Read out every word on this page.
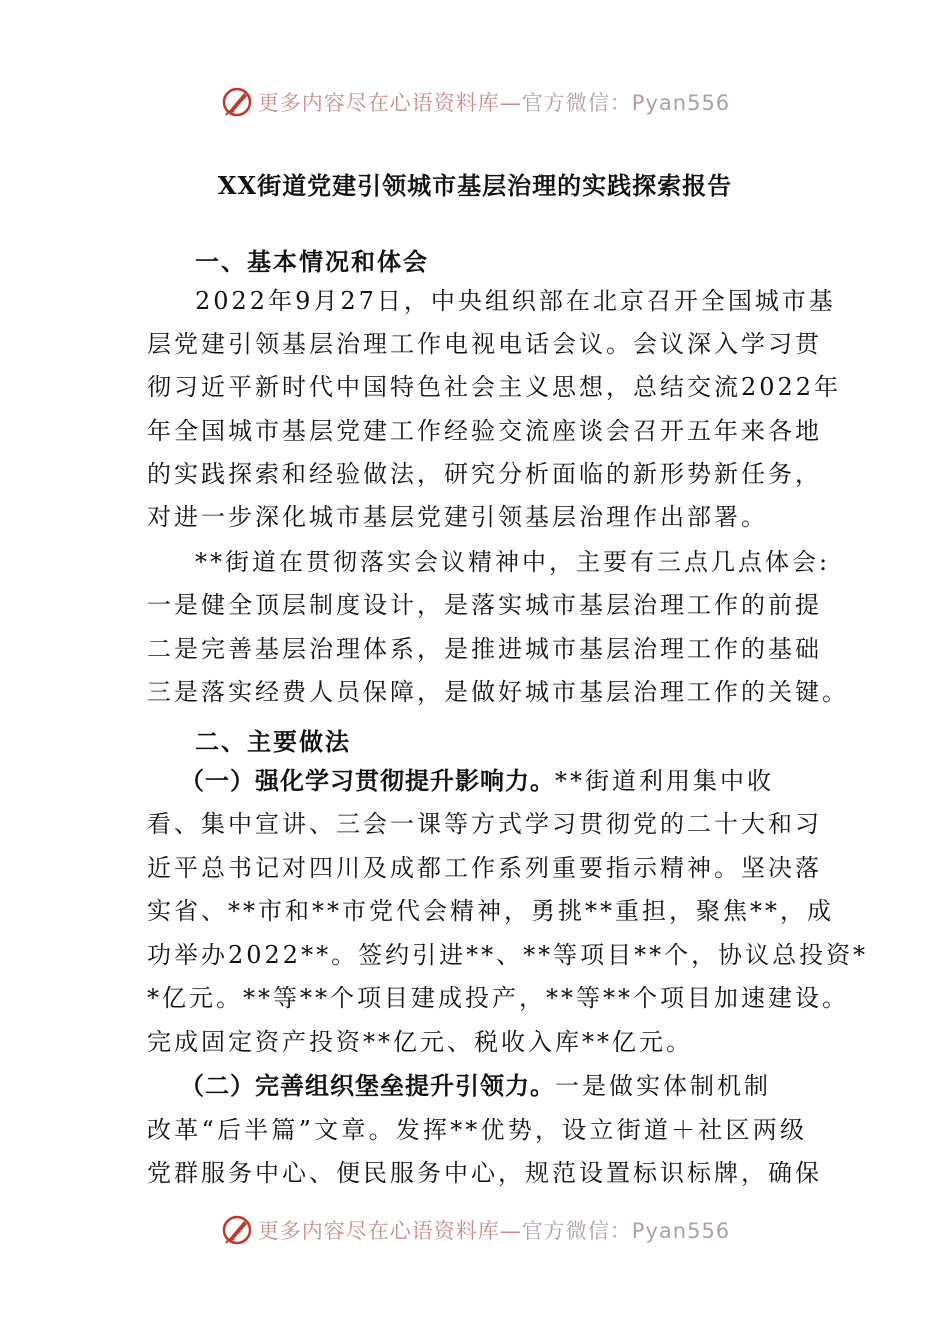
更多内容尽在心语资料库—官方微信：Pyan556
XX街道党建引领城市基层治理的实践探索报告
一、基本情况和体会
2022年9月27日，中央组织部在北京召开全国城市基
层党建引领基层治理工作电视电话会议。会议深入学习贯
彻习近平新时代中国特色社会主义思想，总结交流2022年
年全国城市基层党建工作经验交流座谈会召开五年来各地
的实践探索和经验做法，研究分析面临的新形势新任务，
对进一步深化城市基层党建引领基层治理作出部署。
**街道在贯彻落实会议精神中，主要有三点几点体会:
一是健全顶层制度设计，是落实城市基层治理工作的前提
二是完善基层治理体系，是推进城市基层治理工作的基础
三是落实经费人员保障，是做好城市基层治理工作的关键。
二、主要做法
（一）强化学习贯彻提升影响力。**街道利用集中收
看、集中宣讲、三会一课等方式学习贯彻党的二十大和习
近平总书记对四川及成都工作系列重要指示精神。坚决落
实省、**市和**市党代会精神，勇挑**重担，聚焦**，成
功举办2022**。签约引进**、**等项目**个，协议总投资*
*亿元。**等**个项目建成投产，**等**个项目加速建设。
完成固定资产投资**亿元、税收入库**亿元。
（二）完善组织堡垒提升引领力。一是做实体制机制
改革“后半篇”文章。发挥**优势，设立街道＋社区两级
党群服务中心、便民服务中心，规范设置标识标牌，确保
更多内容尽在心语资料库—官方微信：Pyan556
